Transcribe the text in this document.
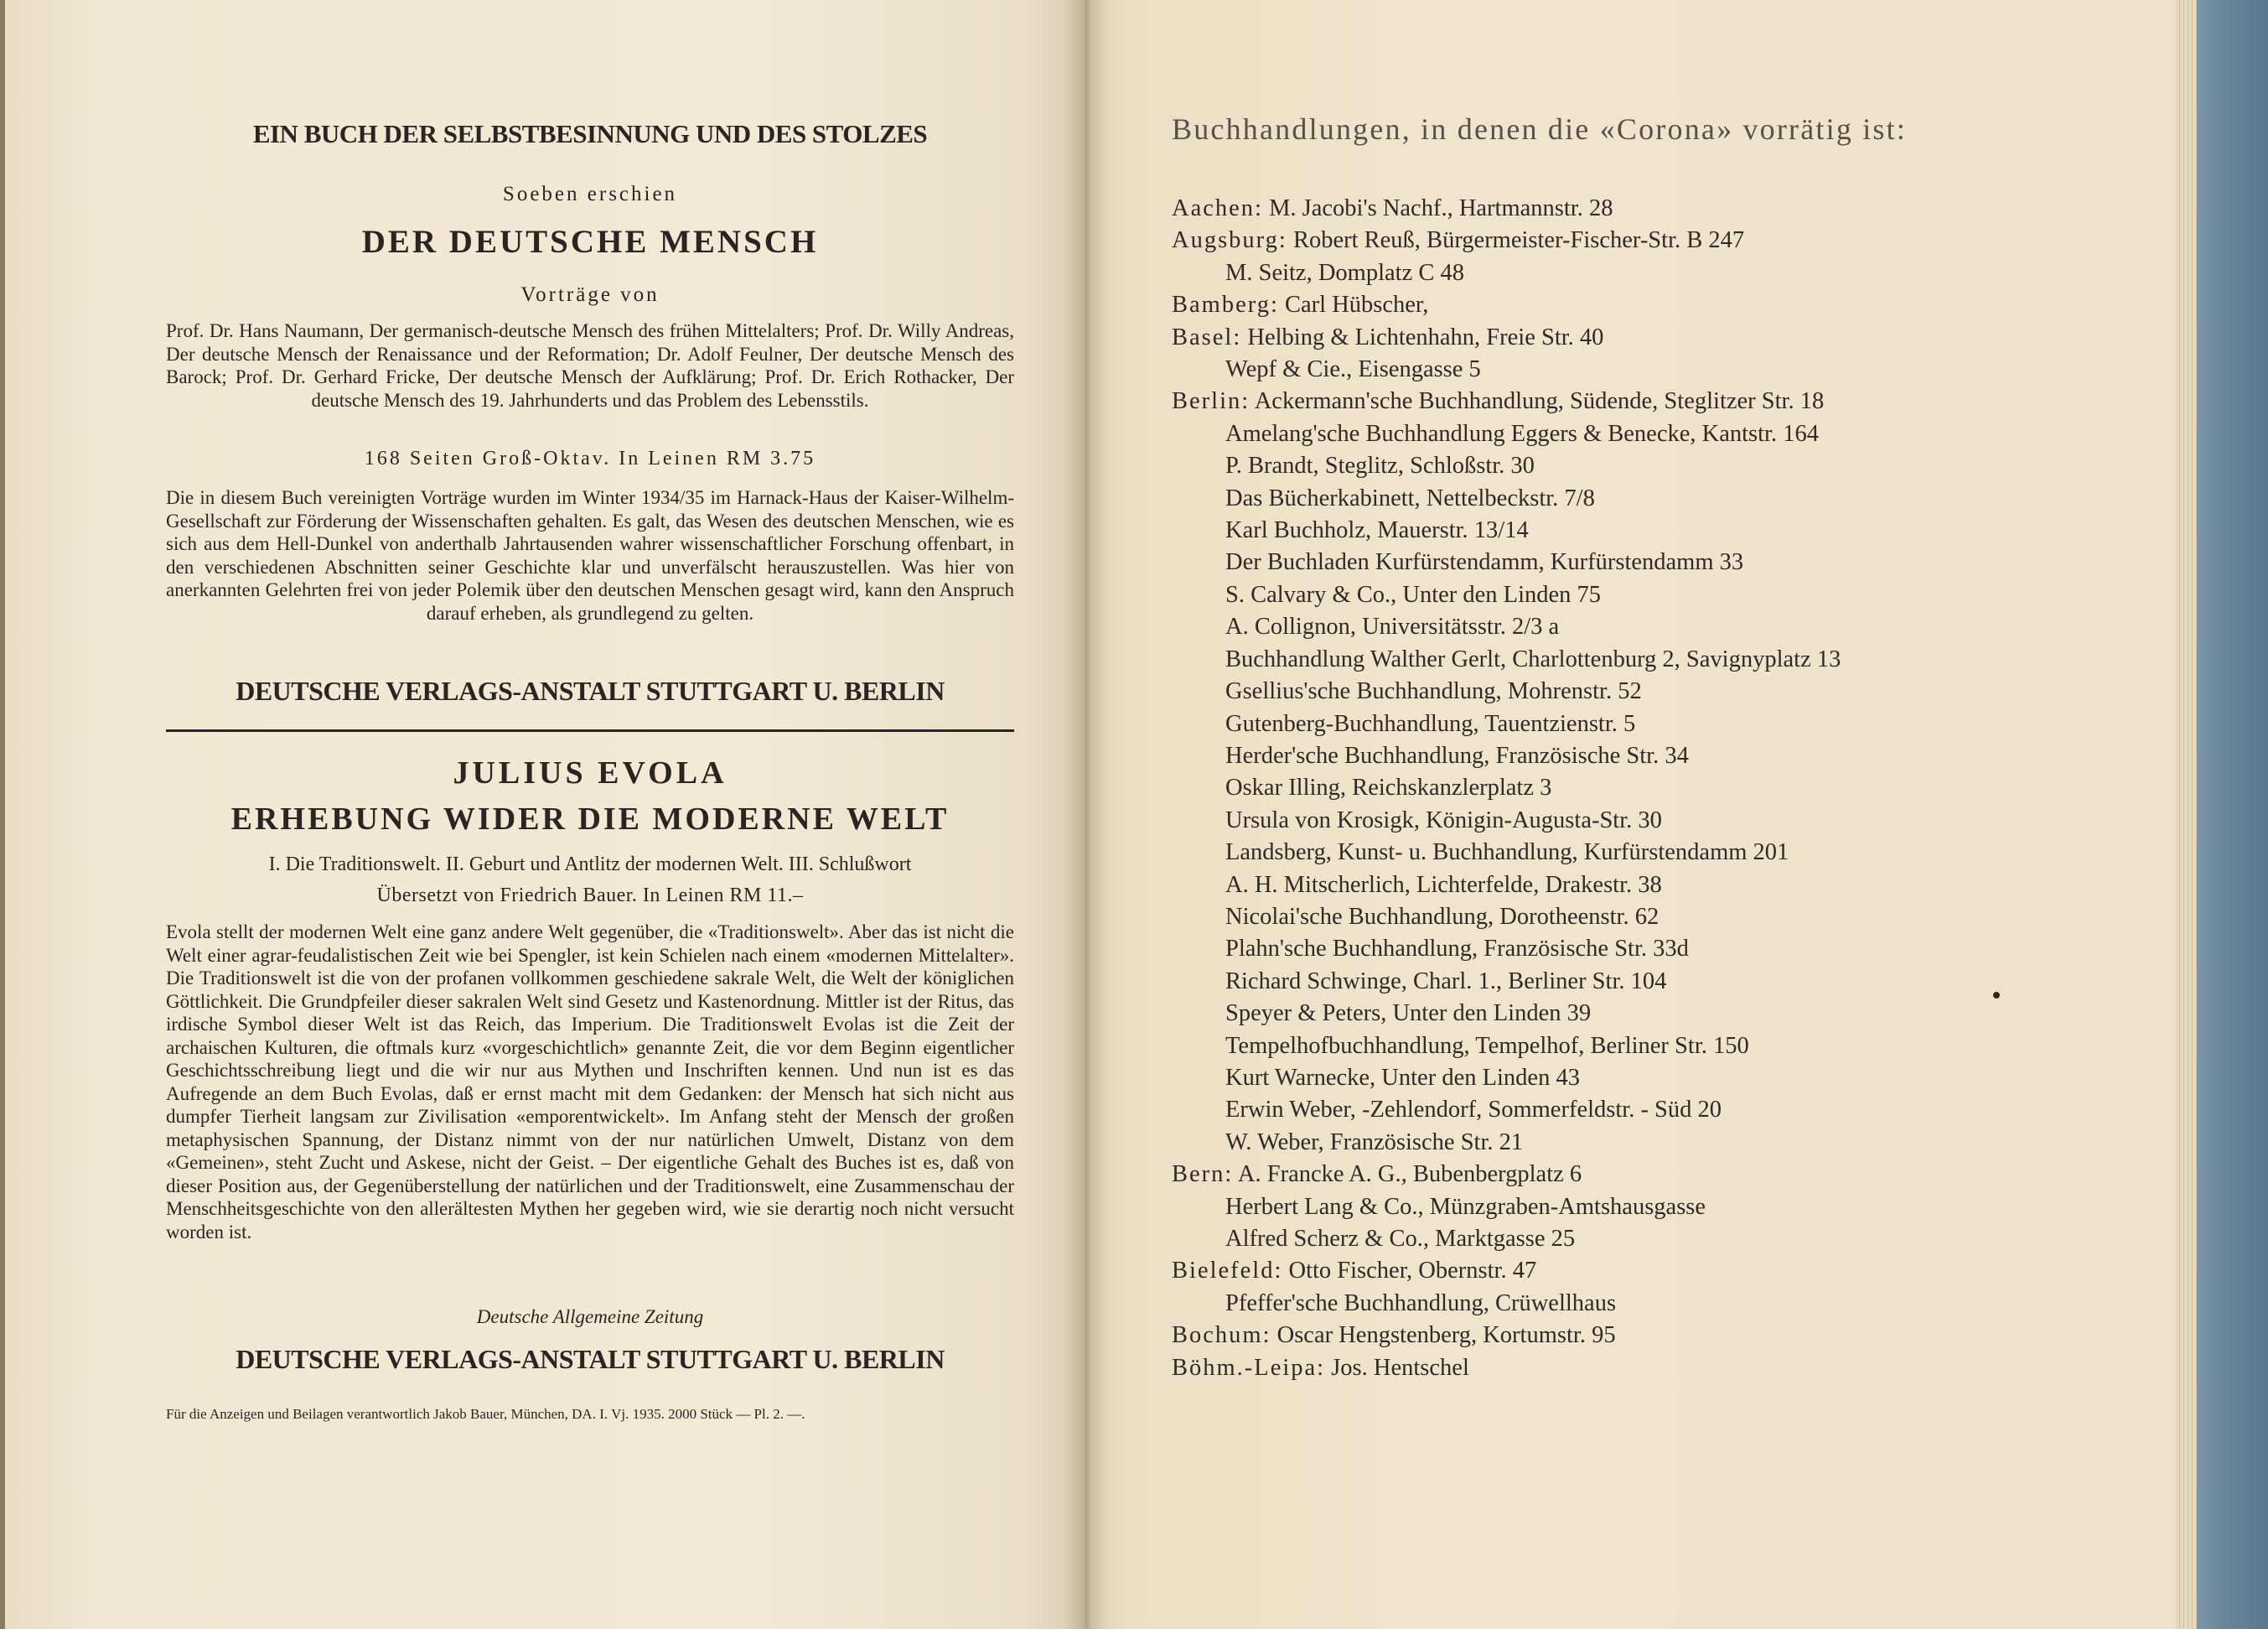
EIN BUCH DER SELBSTBESINNUNG UND DES STOLZES
Soeben erschien
DER DEUTSCHE MENSCH
Vorträge von
Prof. Dr. Hans Naumann, Der germanisch-deutsche Mensch des frühen Mittelalters; Prof. Dr. Willy Andreas, Der deutsche Mensch der Renaissance und der Reformation; Dr. Adolf Feulner, Der deutsche Mensch des Barock; Prof. Dr. Gerhard Fricke, Der deutsche Mensch der Aufklärung; Prof. Dr. Erich Rothacker, Der deutsche Mensch des 19. Jahrhunderts und das Problem des Lebensstils.
168 Seiten Groß-Oktav. In Leinen RM 3.75
Die in diesem Buch vereinigten Vorträge wurden im Winter 1934/35 im Harnack-Haus der Kaiser-Wilhelm-Gesellschaft zur Förderung der Wissenschaften gehalten. Es galt, das Wesen des deutschen Menschen, wie es sich aus dem Hell-Dunkel von anderthalb Jahrtausenden wahrer wissenschaftlicher Forschung offenbart, in den verschiedenen Abschnitten seiner Geschichte klar und unverfälscht herauszustellen. Was hier von anerkannten Gelehrten frei von jeder Polemik über den deutschen Menschen gesagt wird, kann den Anspruch darauf erheben, als grundlegend zu gelten.
DEUTSCHE VERLAGS-ANSTALT STUTTGART U. BERLIN
JULIUS EVOLA
ERHEBUNG WIDER DIE MODERNE WELT
I. Die Traditionswelt. II. Geburt und Antlitz der modernen Welt. III. Schlußwort
Übersetzt von Friedrich Bauer. In Leinen RM 11.–
Evola stellt der modernen Welt eine ganz andere Welt gegenüber, die «Traditionswelt». Aber das ist nicht die Welt einer agrar-feudalistischen Zeit wie bei Spengler, ist kein Schielen nach einem «modernen Mittelalter». Die Traditionswelt ist die von der profanen vollkommen geschiedene sakrale Welt, die Welt der königlichen Göttlichkeit. Die Grundpfeiler dieser sakralen Welt sind Gesetz und Kastenordnung. Mittler ist der Ritus, das irdische Symbol dieser Welt ist das Reich, das Imperium. Die Traditionswelt Evolas ist die Zeit der archaischen Kulturen, die oftmals kurz «vorgeschichtlich» genannte Zeit, die vor dem Beginn eigentlicher Geschichtsschreibung liegt und die wir nur aus Mythen und Inschriften kennen. Und nun ist es das Aufregende an dem Buch Evolas, daß er ernst macht mit dem Gedanken: der Mensch hat sich nicht aus dumpfer Tierheit langsam zur Zivilisation «emporentwickelt». Im Anfang steht der Mensch der großen metaphysischen Spannung, der Distanz nimmt von der nur natürlichen Umwelt, Distanz von dem «Gemeinen», steht Zucht und Askese, nicht der Geist. – Der eigentliche Gehalt des Buches ist es, daß von dieser Position aus, der Gegenüberstellung der natürlichen und der Traditionswelt, eine Zusammenschau der Menschheitsgeschichte von den allerältesten Mythen her gegeben wird, wie sie derartig noch nicht versucht worden ist.
Deutsche Allgemeine Zeitung
DEUTSCHE VERLAGS-ANSTALT STUTTGART U. BERLIN
Für die Anzeigen und Beilagen verantwortlich Jakob Bauer, München, DA. I. Vj. 1935. 2000 Stück — Pl. 2. —.
Buchhandlungen, in denen die «Corona» vorrätig ist:
Aachen: M. Jacobi's Nachf., Hartmannstr. 28
Augsburg: Robert Reuß, Bürgermeister-Fischer-Str. B 247
M. Seitz, Domplatz C 48
Bamberg: Carl Hübscher,
Basel: Helbing & Lichtenhahn, Freie Str. 40
Wepf & Cie., Eisengasse 5
Berlin: Ackermann'sche Buchhandlung, Südende, Steglitzer Str. 18
Amelang'sche Buchhandlung Eggers & Benecke, Kantstr. 164
P. Brandt, Steglitz, Schloßstr. 30
Das Bücherkabinett, Nettelbeckstr. 7/8
Karl Buchholz, Mauerstr. 13/14
Der Buchladen Kurfürstendamm, Kurfürstendamm 33
S. Calvary & Co., Unter den Linden 75
A. Collignon, Universitätsstr. 2/3 a
Buchhandlung Walther Gerlt, Charlottenburg 2, Savignyplatz 13
Gsellius'sche Buchhandlung, Mohrenstr. 52
Gutenberg-Buchhandlung, Tauentzienstr. 5
Herder'sche Buchhandlung, Französische Str. 34
Oskar Illing, Reichskanzlerplatz 3
Ursula von Krosigk, Königin-Augusta-Str. 30
Landsberg, Kunst- u. Buchhandlung, Kurfürstendamm 201
A. H. Mitscherlich, Lichterfelde, Drakestr. 38
Nicolai'sche Buchhandlung, Dorotheenstr. 62
Plahn'sche Buchhandlung, Französische Str. 33d
Richard Schwinge, Charl. 1., Berliner Str. 104
Speyer & Peters, Unter den Linden 39
Tempelhofbuchhandlung, Tempelhof, Berliner Str. 150
Kurt Warnecke, Unter den Linden 43
Erwin Weber, -Zehlendorf, Sommerfeldstr. - Süd 20
W. Weber, Französische Str. 21
Bern: A. Francke A. G., Bubenbergplatz 6
Herbert Lang & Co., Münzgraben-Amtshausgasse
Alfred Scherz & Co., Marktgasse 25
Bielefeld: Otto Fischer, Obernstr. 47
Pfeffer'sche Buchhandlung, Crüwellhaus
Bochum: Oscar Hengstenberg, Kortumstr. 95
Böhm.-Leipa: Jos. Hentschel
